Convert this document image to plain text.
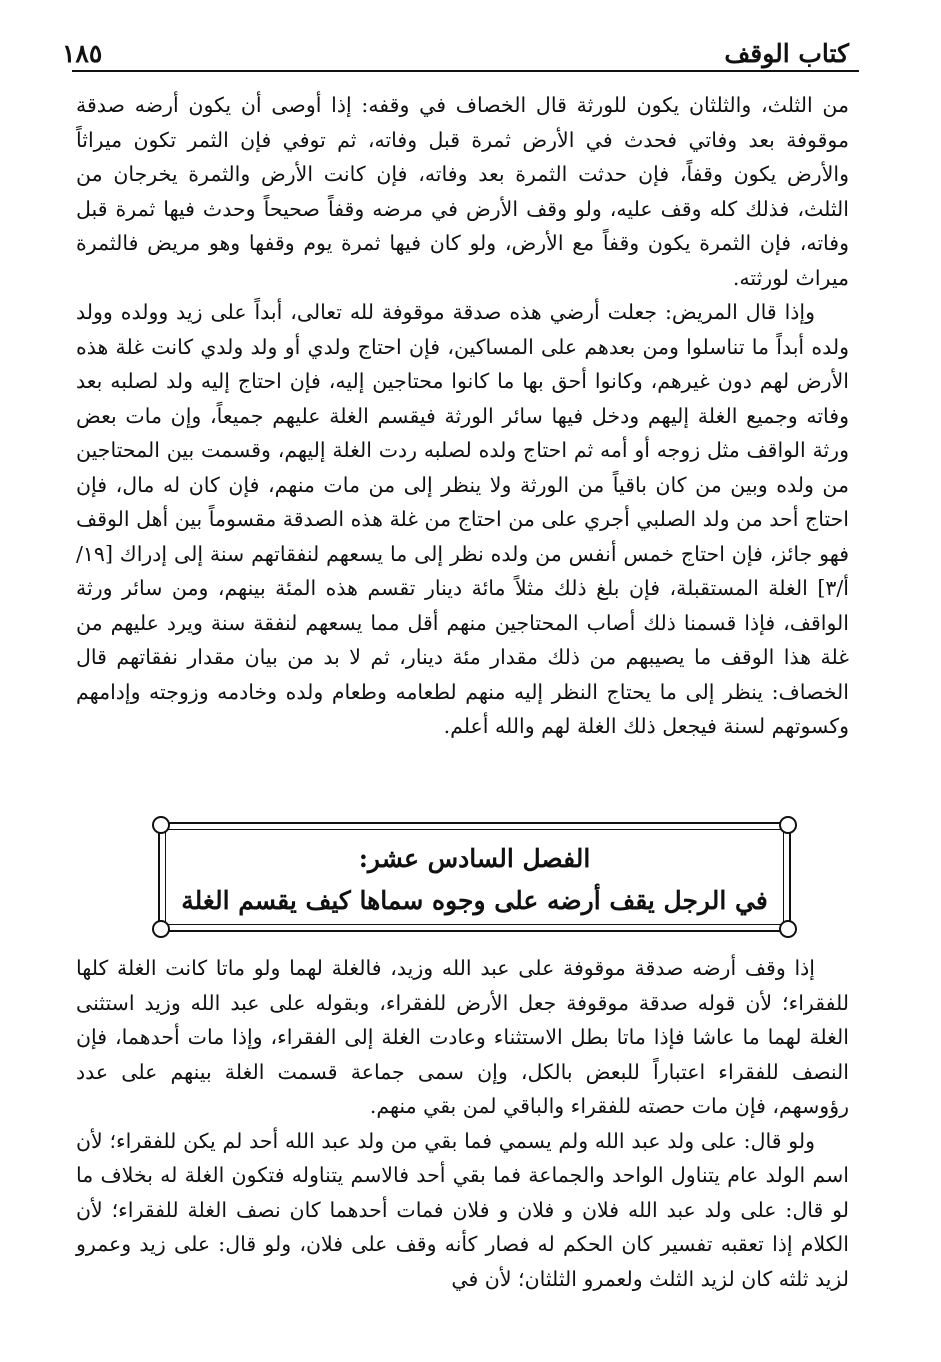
كتاب الوقف
١٨٥

من الثلث، والثلثان يكون للورثة قال الخصاف في وقفه: إذا أوصى أن يكون أرضه صدقة موقوفة بعد وفاتي فحدث في الأرض ثمرة قبل وفاته، ثم توفي فإن الثمر تكون ميراثاً والأرض يكون وقفاً، فإن حدثت الثمرة بعد وفاته، فإن كانت الأرض والثمرة يخرجان من الثلث، فذلك كله وقف عليه، ولو وقف الأرض في مرضه وقفاً صحيحاً وحدث فيها ثمرة قبل وفاته، فإن الثمرة يكون وقفاً مع الأرض، ولو كان فيها ثمرة يوم وقفها وهو مريض فالثمرة ميراث لورثته.

وإذا قال المريض: جعلت أرضي هذه صدقة موقوفة لله تعالى، أبداً على زيد وولده وولد ولده أبداً ما تناسلوا ومن بعدهم على المساكين، فإن احتاج ولدي أو ولد ولدي كانت غلة هذه الأرض لهم دون غيرهم، وكانوا أحق بها ما كانوا محتاجين إليه، فإن احتاج إليه ولد لصلبه بعد وفاته وجميع الغلة إليهم ودخل فيها سائر الورثة فيقسم الغلة عليهم جميعاً، وإن مات بعض ورثة الواقف مثل زوجه أو أمه ثم احتاج ولده لصلبه ردت الغلة إليهم، وقسمت بين المحتاجين من ولده وبين من كان باقياً من الورثة ولا ينظر إلى من مات منهم، فإن كان له مال، فإن احتاج أحد من ولد الصلبي أجري على من احتاج من غلة هذه الصدقة مقسوماً بين أهل الوقف فهو جائز، فإن احتاج خمس أنفس من ولده نظر إلى ما يسعهم لنفقاتهم سنة إلى إدراك [١٩/أ/٣] الغلة المستقبلة، فإن بلغ ذلك مثلاً مائة دينار تقسم هذه المئة بينهم، ومن سائر ورثة الواقف، فإذا قسمنا ذلك أصاب المحتاجين منهم أقل مما يسعهم لنفقة سنة ويرد عليهم من غلة هذا الوقف ما يصيبهم من ذلك مقدار مئة دينار، ثم لا بد من بيان مقدار نفقاتهم قال الخصاف: ينظر إلى ما يحتاج النظر إليه منهم لطعامه وطعام ولده وخادمه وزوجته وإدامهم وكسوتهم لسنة فيجعل ذلك الغلة لهم والله أعلم.

الفصل السادس عشر:
في الرجل يقف أرضه على وجوه سماها كيف يقسم الغلة

إذا وقف أرضه صدقة موقوفة على عبد الله وزيد، فالغلة لهما ولو ماتا كانت الغلة كلها للفقراء؛ لأن قوله صدقة موقوفة جعل الأرض للفقراء، وبقوله على عبد الله وزيد استثنى الغلة لهما ما عاشا فإذا ماتا بطل الاستثناء وعادت الغلة إلى الفقراء، وإذا مات أحدهما، فإن النصف للفقراء اعتباراً للبعض بالكل، وإن سمى جماعة قسمت الغلة بينهم على عدد رؤوسهم، فإن مات حصته للفقراء والباقي لمن بقي منهم.

ولو قال: على ولد عبد الله ولم يسمي فما بقي من ولد عبد الله أحد لم يكن للفقراء؛ لأن اسم الولد عام يتناول الواحد والجماعة فما بقي أحد فالاسم يتناوله فتكون الغلة له بخلاف ما لو قال: على ولد عبد الله فلان و فلان و فلان فمات أحدهما كان نصف الغلة للفقراء؛ لأن الكلام إذا تعقبه تفسير كان الحكم له فصار كأنه وقف على فلان، ولو قال: على زيد وعمرو لزيد ثلثه كان لزيد الثلث ولعمرو الثلثان؛ لأن في
